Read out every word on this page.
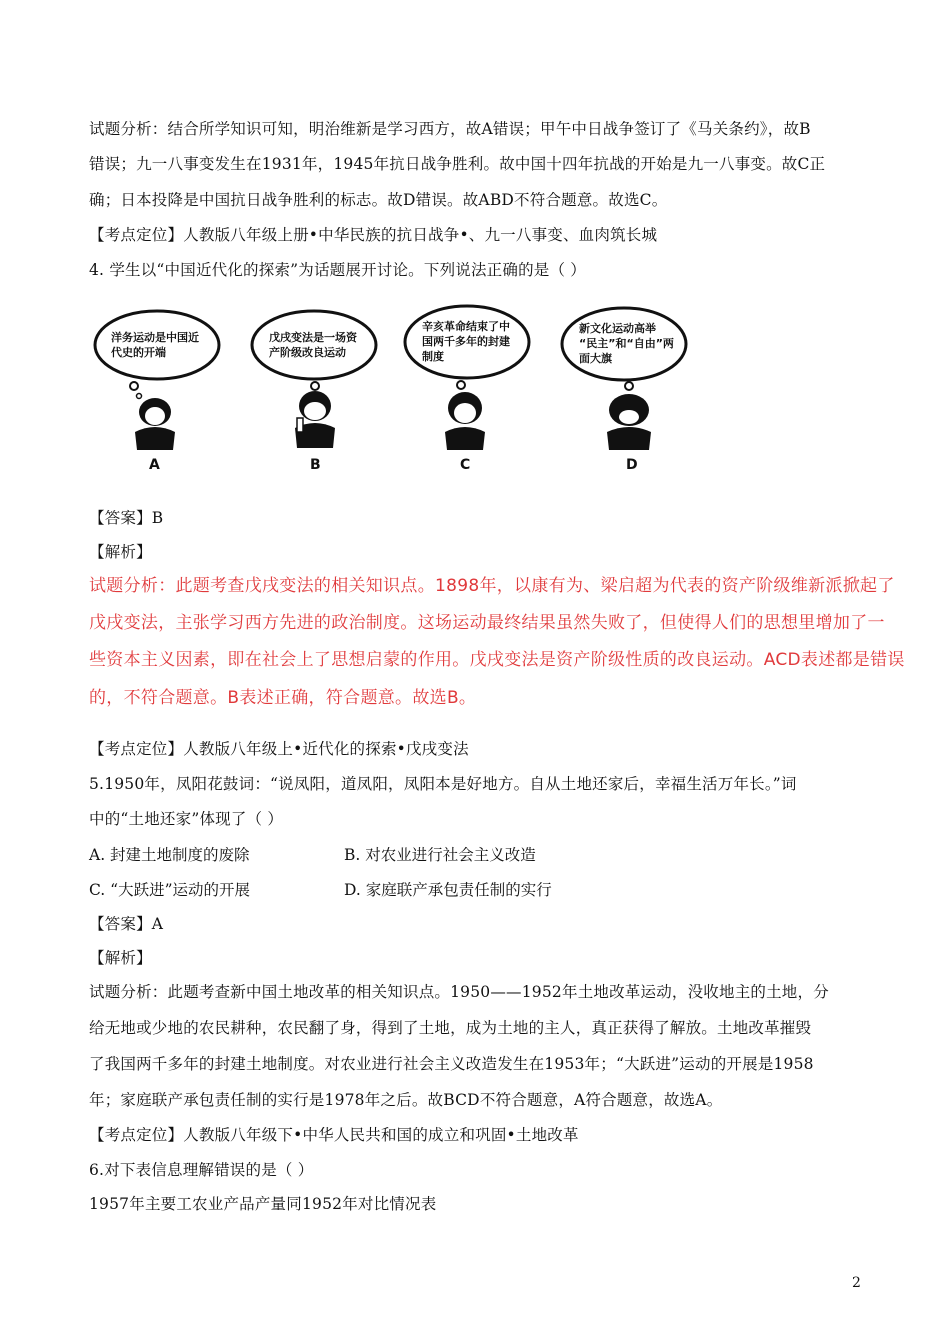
试题分析：结合所学知识可知，明治维新是学习西方，故A错误；甲午中日战争签订了《马关条约》，故B
错误；九一八事变发生在1931年，1945年抗日战争胜利。故中国十四年抗战的开始是九一八事变。故C正
确；日本投降是中国抗日战争胜利的标志。故D错误。故ABD不符合题意。故选C。
【考点定位】人教版八年级上册•中华民族的抗日战争•、九一八事变、血肉筑长城
4. 学生以“中国近代化的探索”为话题展开讨论。下列说法正确的是（ ）
洋务运动是中国近
代史的开端
A
戊戌变法是一场资
产阶级改良运动
B
辛亥革命结束了中
国两千多年的封建
制度
C
新文化运动高举
“民主”和“自由”两
面大旗
D
【答案】B
【解析】
试题分析：此题考查戊戌变法的相关知识点。1898年，以康有为、梁启超为代表的资产阶级维新派掀起了
戊戌变法，主张学习西方先进的政治制度。这场运动最终结果虽然失败了，但使得人们的思想里增加了一
些资本主义因素，即在社会上了思想启蒙的作用。戊戌变法是资产阶级性质的改良运动。ACD表述都是错误
的，不符合题意。B表述正确，符合题意。故选B。
【考点定位】人教版八年级上•近代化的探索•戊戌变法
5.1950年，凤阳花鼓词：“说凤阳，道凤阳，凤阳本是好地方。自从土地还家后，幸福生活万年长。”词
中的“土地还家”体现了（ ）
A. 封建土地制度的废除	B. 对农业进行社会主义改造
C. “大跃进”运动的开展	D. 家庭联产承包责任制的实行
【答案】A
【解析】
试题分析：此题考查新中国土地改革的相关知识点。1950——1952年土地改革运动，没收地主的土地，分
给无地或少地的农民耕种，农民翻了身，得到了土地，成为土地的主人，真正获得了解放。土地改革摧毁
了我国两千多年的封建土地制度。对农业进行社会主义改造发生在1953年；“大跃进”运动的开展是1958
年；家庭联产承包责任制的实行是1978年之后。故BCD不符合题意，A符合题意，故选A。
【考点定位】人教版八年级下•中华人民共和国的成立和巩固•土地改革
6.对下表信息理解错误的是（ ）
1957年主要工农业产品产量同1952年对比情况表
2
